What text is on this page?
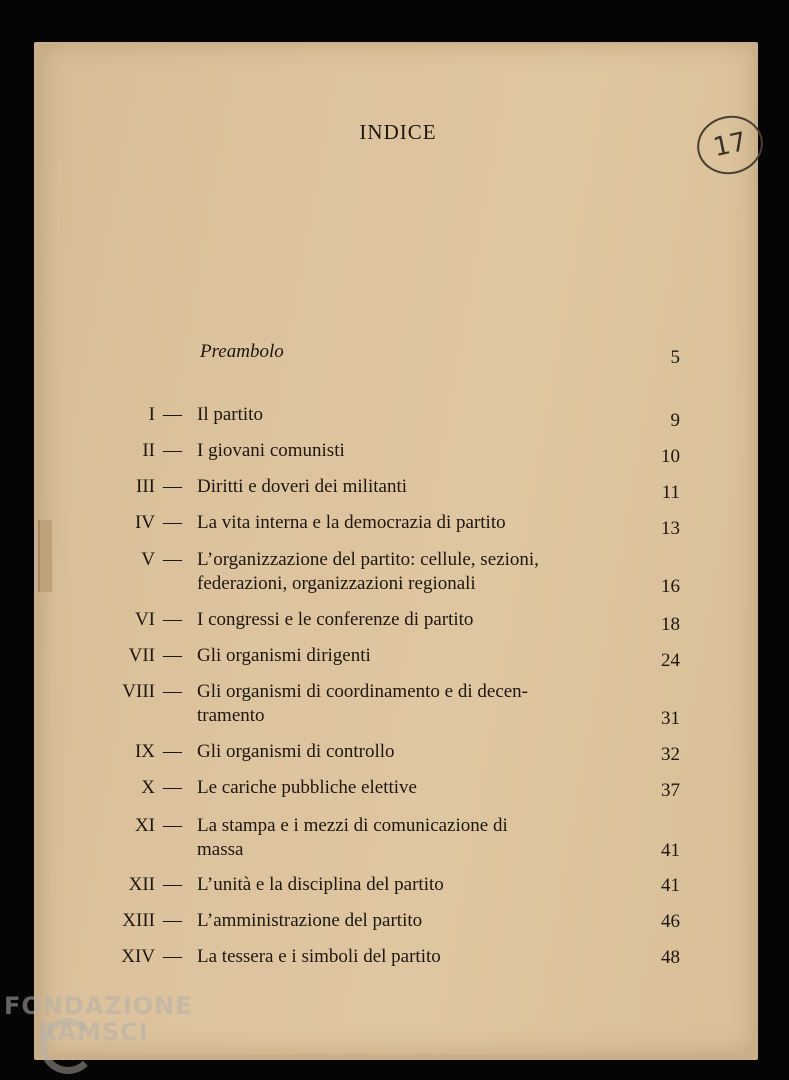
INDICE	17
Preambolo	5
I — Il partito	9
II — I giovani comunisti	10
III — Diritti e doveri dei militanti	11
IV — La vita interna e la democrazia di partito	13
V — L’organizzazione del partito: cellule, sezioni,
federazioni, organizzazioni regionali	16
VI — I congressi e le conferenze di partito	18
VII — Gli organismi dirigenti	24
VIII — Gli organismi di coordinamento e di decen-
tramento	31
IX — Gli organismi di controllo	32
X — Le cariche pubbliche elettive	37
XI — La stampa e i mezzi di comunicazione di
massa	41
XII — L’unità e la disciplina del partito	41
XIII — L’amministrazione del partito	46
XIV — La tessera e i simboli del partito	48
FONDAZIONE
RAMSCI
